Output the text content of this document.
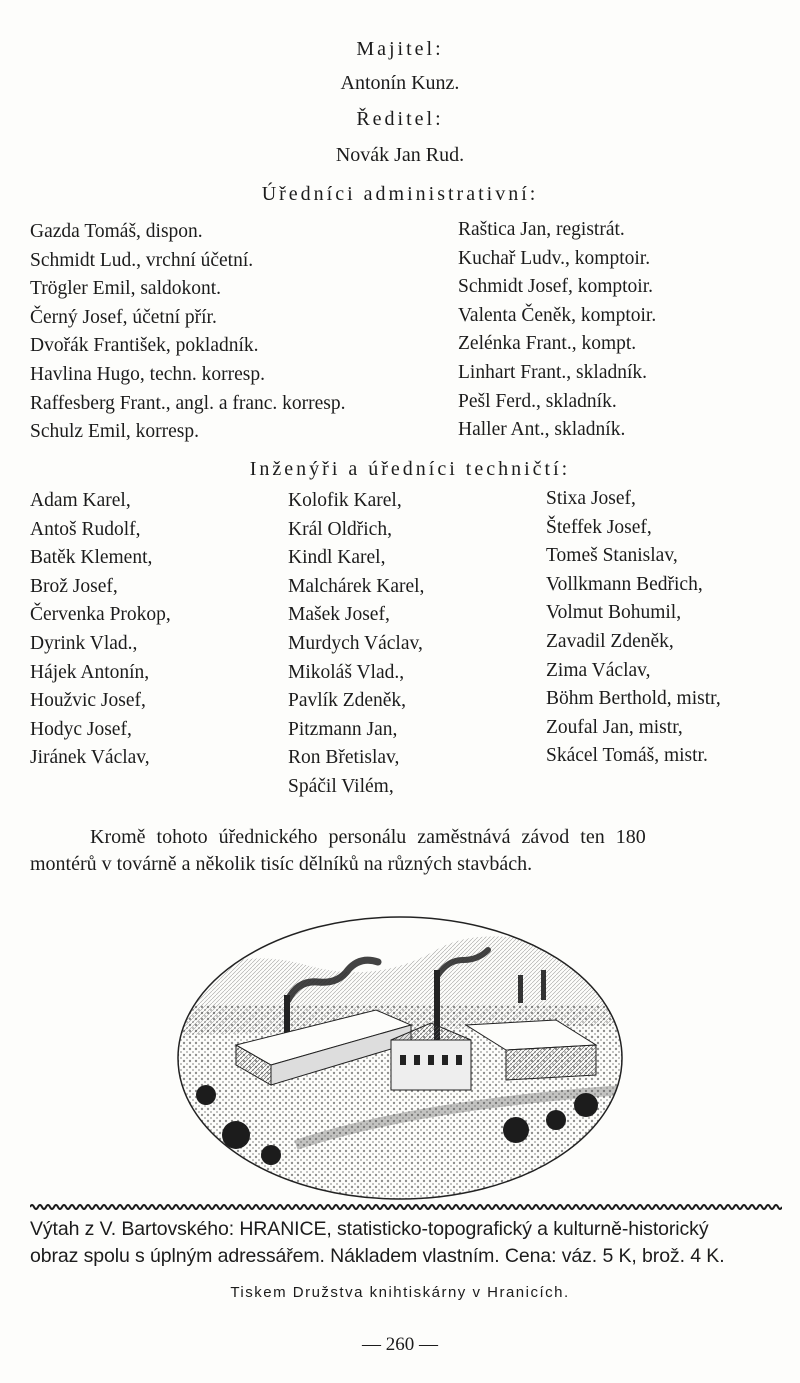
Majitel:
Antonín Kunz.
Ředitel:
Novák Jan Rud.
Úředníci administrativní:
Gazda Tomáš, dispon.
Schmidt Lud., vrchní účetní.
Trögler Emil, saldokont.
Černý Josef, účetní přír.
Dvořák František, pokladník.
Havlina Hugo, techn. korresp.
Raffesberg Frant., angl. a franc. korresp.
Schulz Emil, korresp.
Raštica Jan, registrát.
Kuchař Ludv., komptoir.
Schmidt Josef, komptoir.
Valenta Čeněk, komptoir.
Zelénka Frant., kompt.
Linhart Frant., skladník.
Pešl Ferd., skladník.
Haller Ant., skladník.
Inženýři a úředníci techničtí:
Adam Karel,
Antoš Rudolf,
Batěk Klement,
Brož Josef,
Červenka Prokop,
Dyrink Vlad.,
Hájek Antonín,
Houžvic Josef,
Hodyc Josef,
Jiránek Václav,
Kolofik Karel,
Král Oldřich,
Kindl Karel,
Malchárek Karel,
Mašek Josef,
Murdych Václav,
Mikoláš Vlad.,
Pavlík Zdeněk,
Pitzmann Jan,
Ron Břetislav,
Spáčil Vilém,
Stixa Josef,
Šteffek Josef,
Tomeš Stanislav,
Vollkmann Bedřich,
Volmut Bohumil,
Zavadil Zdeněk,
Zima Václav,
Böhm Berthold, mistr,
Zoufal Jan, mistr,
Skácel Tomáš, mistr.
Kromě tohoto úřednického personálu zaměstnává závod ten 180
montérů v továrně a několik tisíc dělníků na různých stavbách.
Výtah z V. Bartovského: HRANICE, statisticko-topografický a kulturně-historický
obraz spolu s úplným adressářem. Nákladem vlastním. Cena: váz. 5 K, brož. 4 K.
Tiskem Družstva knihtiskárny v Hranicích.
— 260 —
